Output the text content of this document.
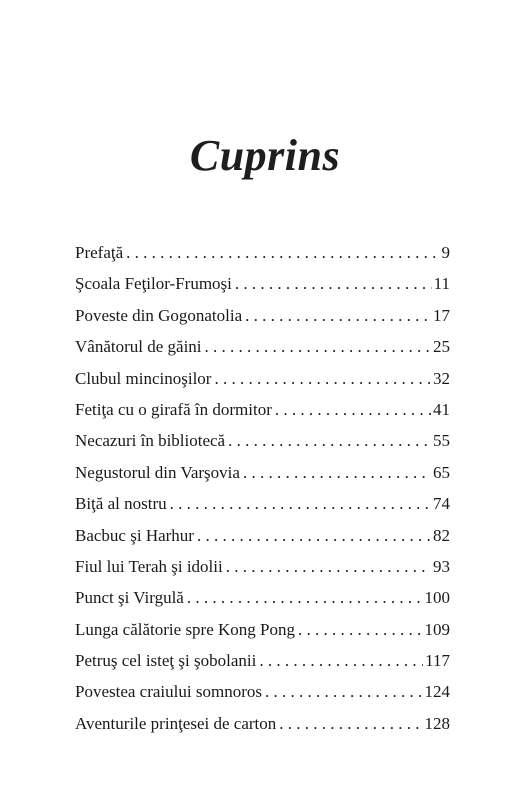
Cuprins
Prefaţă . . .	9
Şcoala Feţilor-Frumoşi . . .	11
Poveste din Gogonatolia . . .	17
Vânătorul de găini . . .	25
Clubul mincinoşilor . . .	32
Fetiţa cu o girafă în dormitor . . .	41
Necazuri în bibliotecă . . .	55
Negustorul din Varşovia . . .	65
Biţă al nostru . . .	74
Bacbuc şi Harhur . . .	82
Fiul lui Terah şi idolii . . .	93
Punct şi Virgulă . . .	100
Lunga călătorie spre Kong Pong . . .	109
Petruş cel isteţ şi şobolanii . . .	117
Povestea craiului somnoros . . .	124
Aventurile prinţesei de carton . . .	128
